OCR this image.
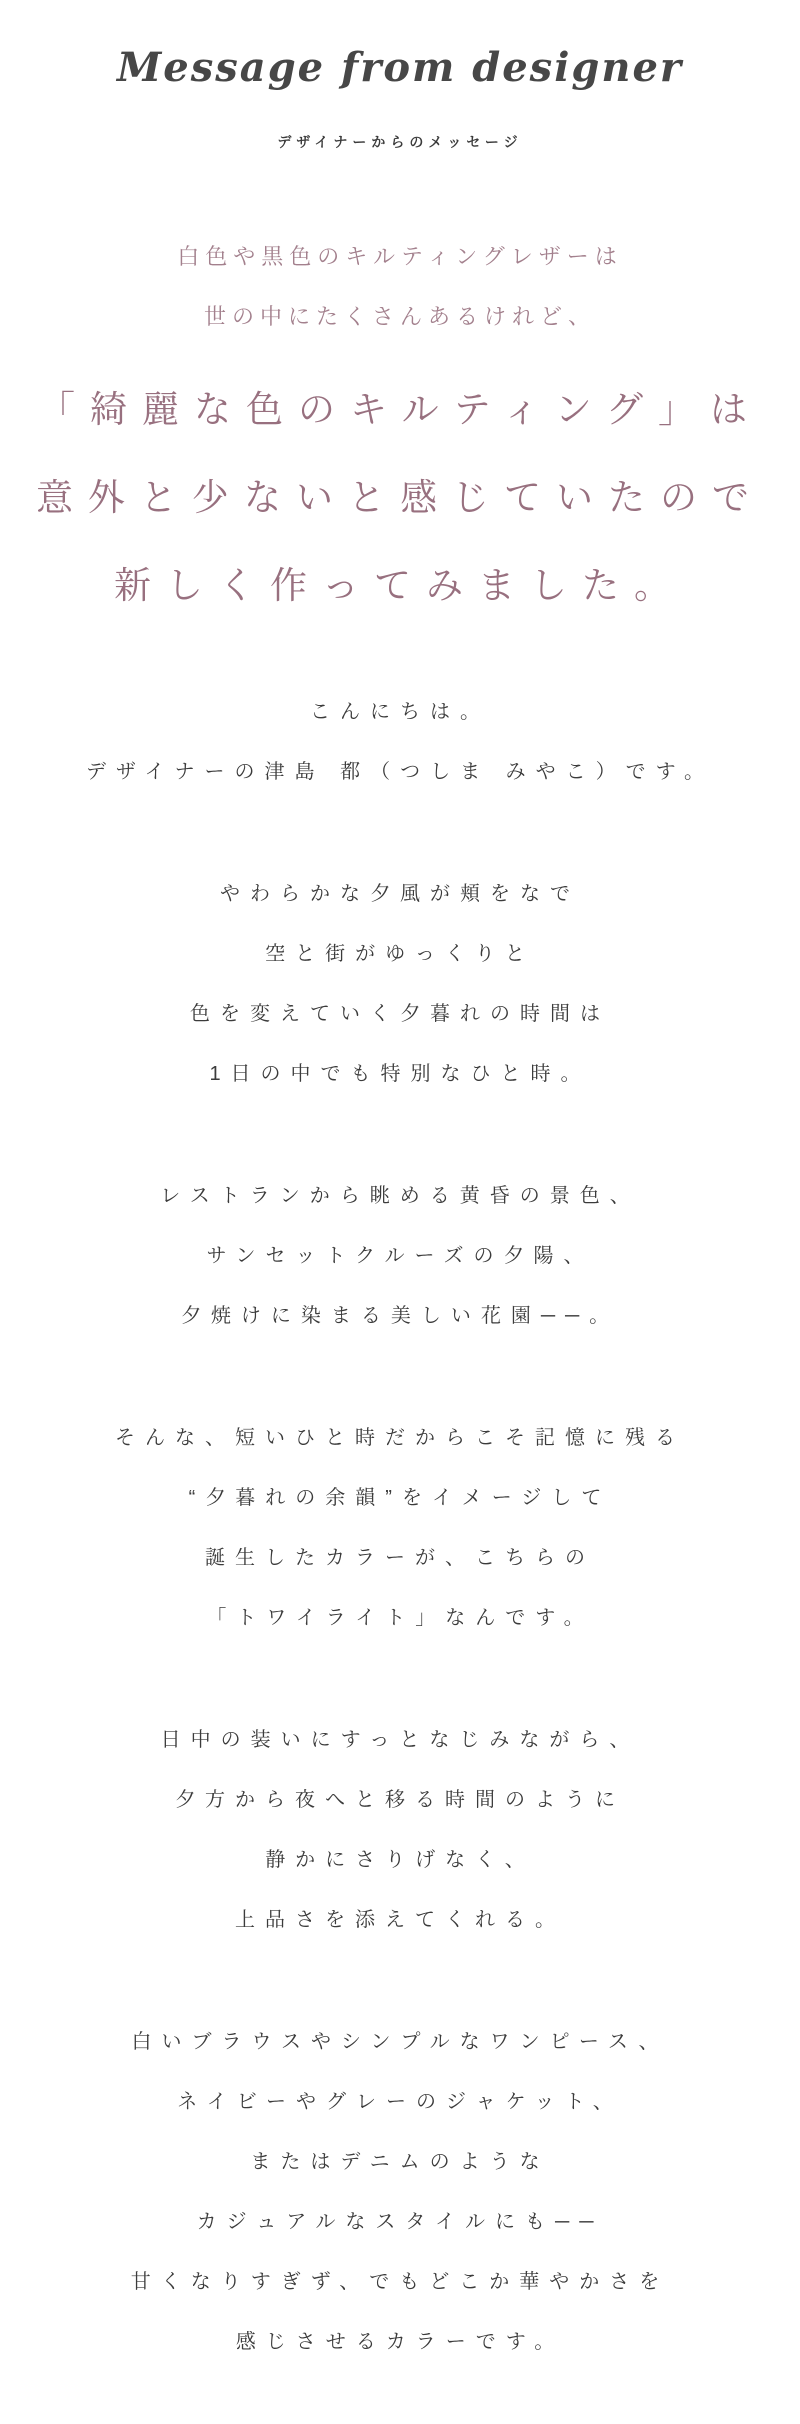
Message from designer
デザイナーからのメッセージ
白色や黒色のキルティングレザーは
世の中にたくさんあるけれど、
「綺麗な色のキルティング」は
意外と少ないと感じていたので
新しく作ってみました。
こんにちは。
デザイナーの津島 都（つしま みやこ）です。
やわらかな夕風が頬をなで
空と街がゆっくりと
色を変えていく夕暮れの時間は
1日の中でも特別なひと時。
レストランから眺める黄昏の景色、
サンセットクルーズの夕陽、
夕焼けに染まる美しい花園──。
そんな、短いひと時だからこそ記憶に残る
“夕暮れの余韻”をイメージして
誕生したカラーが、こちらの
「トワイライト」なんです。
日中の装いにすっとなじみながら、
夕方から夜へと移る時間のように
静かにさりげなく、
上品さを添えてくれる。
白いブラウスやシンプルなワンピース、
ネイビーやグレーのジャケット、
またはデニムのような
カジュアルなスタイルにも──
甘くなりすぎず、でもどこか華やかさを
感じさせるカラーです。
